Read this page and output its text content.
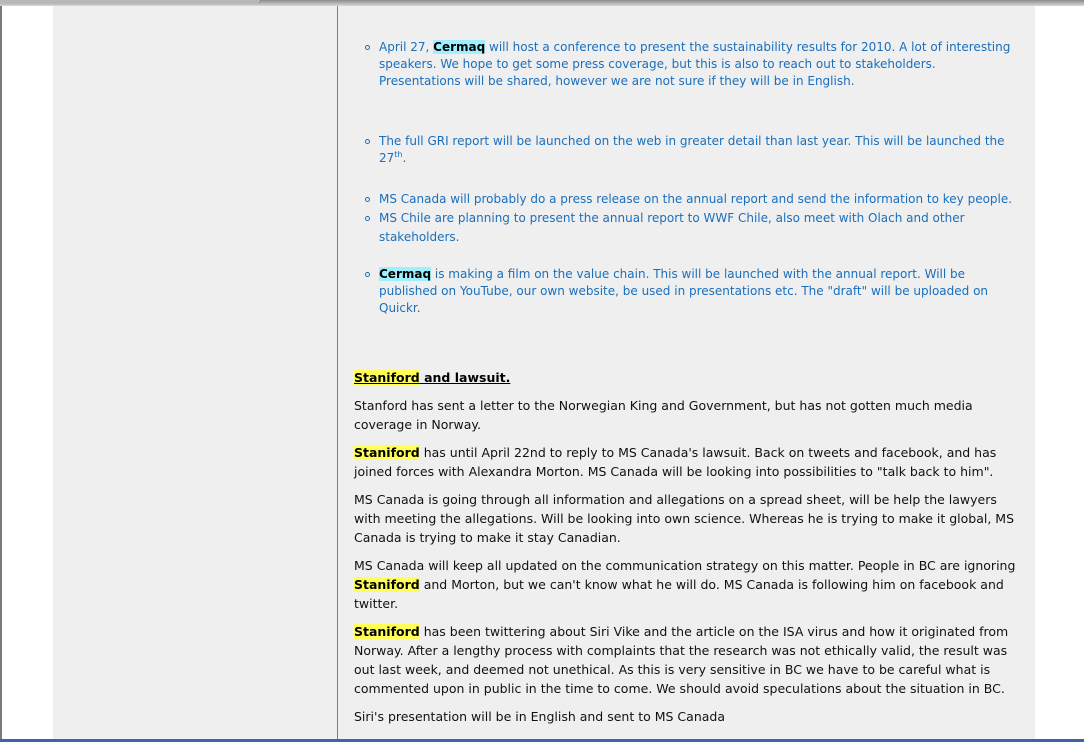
April 27, Cermaq will host a conference to present the sustainability results for 2010. A lot of interesting speakers. We hope to get some press coverage, but this is also to reach out to stakeholders. Presentations will be shared, however we are not sure if they will be in English.
The full GRI report will be launched on the web in greater detail than last year. This will be launched the 27th.
MS Canada will probably do a press release on the annual report and send the information to key people.
MS Chile are planning to present the annual report to WWF Chile, also meet with Olach and other stakeholders.
Cermaq is making a film on the value chain. This will be launched with the annual report. Will be published on YouTube, our own website, be used in presentations etc. The "draft" will be uploaded on Quickr.
Staniford and lawsuit.
Stanford has sent a letter to the Norwegian King and Government, but has not gotten much media coverage in Norway.
Staniford has until April 22nd to reply to MS Canada's lawsuit. Back on tweets and facebook, and has joined forces with Alexandra Morton. MS Canada will be looking into possibilities to "talk back to him".
MS Canada is going through all information and allegations on a spread sheet, will be help the lawyers with meeting the allegations. Will be looking into own science. Whereas he is trying to make it global, MS Canada is trying to make it stay Canadian.
MS Canada will keep all updated on the communication strategy on this matter. People in BC are ignoring Staniford and Morton, but we can't know what he will do. MS Canada is following him on facebook and twitter.
Staniford has been twittering about Siri Vike and the article on the ISA virus and how it originated from Norway. After a lengthy process with complaints that the research was not ethically valid, the result was out last week, and deemed not unethical. As this is very sensitive in BC we have to be careful what is commented upon in public in the time to come. We should avoid speculations about the situation in BC.
Siri's presentation will be in English and sent to MS Canada
